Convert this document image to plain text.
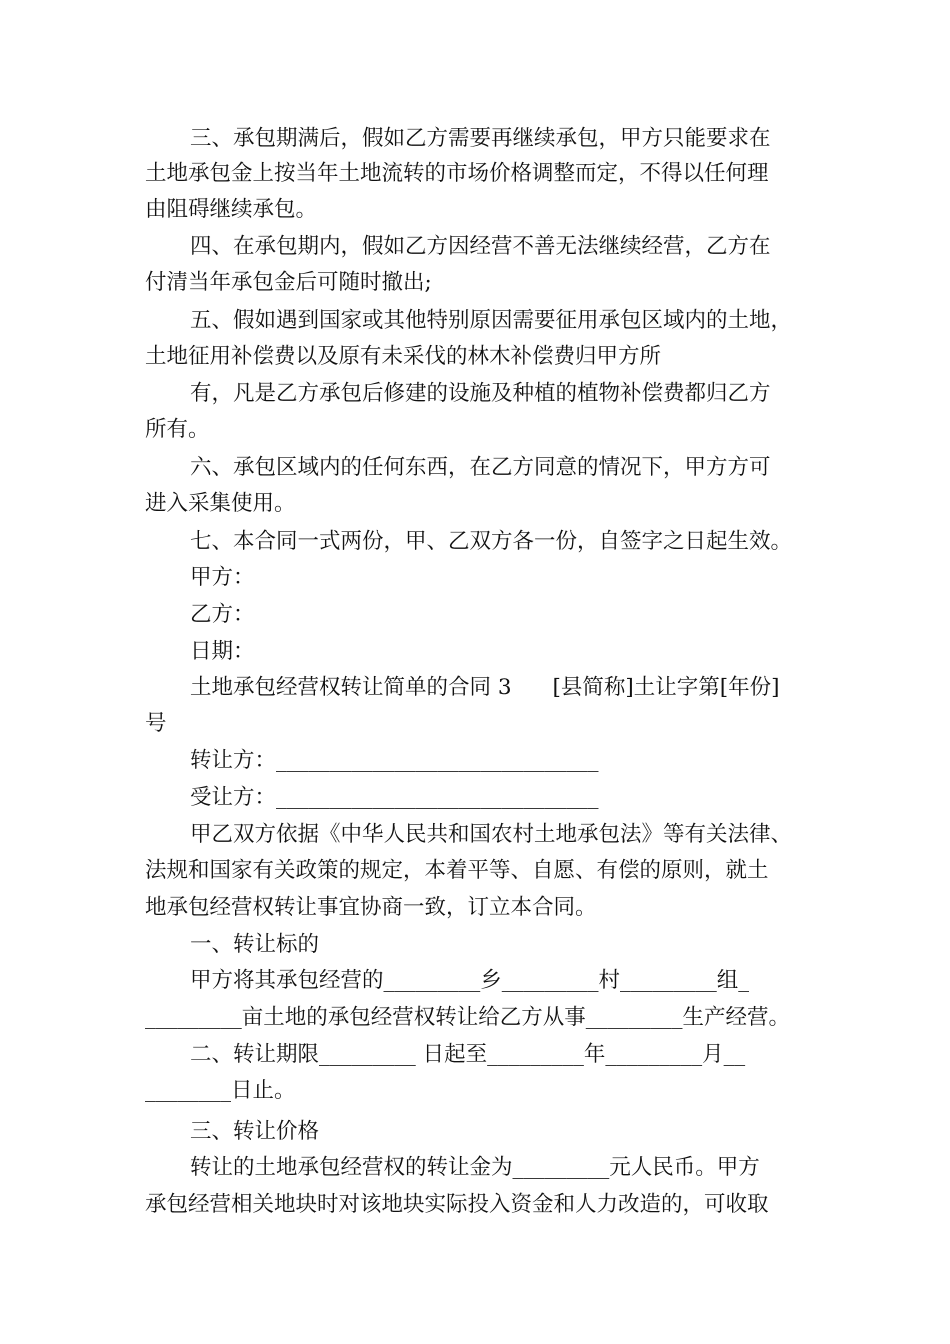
三、承包期满后，假如乙方需要再继续承包，甲方只能要求在
土地承包金上按当年土地流转的市场价格调整而定，不得以任何理
由阻碍继续承包。
四、在承包期内，假如乙方因经营不善无法继续经营，乙方在
付清当年承包金后可随时撤出;
五、假如遇到国家或其他特别原因需要征用承包区域内的土地，
土地征用补偿费以及原有未采伐的林木补偿费归甲方所
有，凡是乙方承包后修建的设施及种植的植物补偿费都归乙方
所有。
六、承包区域内的任何东西，在乙方同意的情况下，甲方方可
进入采集使用。
七、本合同一式两份，甲、乙双方各一份，自签字之日起生效。
甲方：
乙方：
日期：
土地承包经营权转让简单的合同 3      [县简称]土让字第[年份]
号
转让方：______________________________
受让方：______________________________
甲乙双方依据《中华人民共和国农村土地承包法》等有关法律、
法规和国家有关政策的规定，本着平等、自愿、有偿的原则，就土
地承包经营权转让事宜协商一致，订立本合同。
一、转让标的
甲方将其承包经营的_________乡_________村_________组_
_________亩土地的承包经营权转让给乙方从事_________生产经营。
二、转让期限_________ 日起至_________年_________月__
________日止。
三、转让价格
转让的土地承包经营权的转让金为_________元人民币。甲方
承包经营相关地块时对该地块实际投入资金和人力改造的，可收取
